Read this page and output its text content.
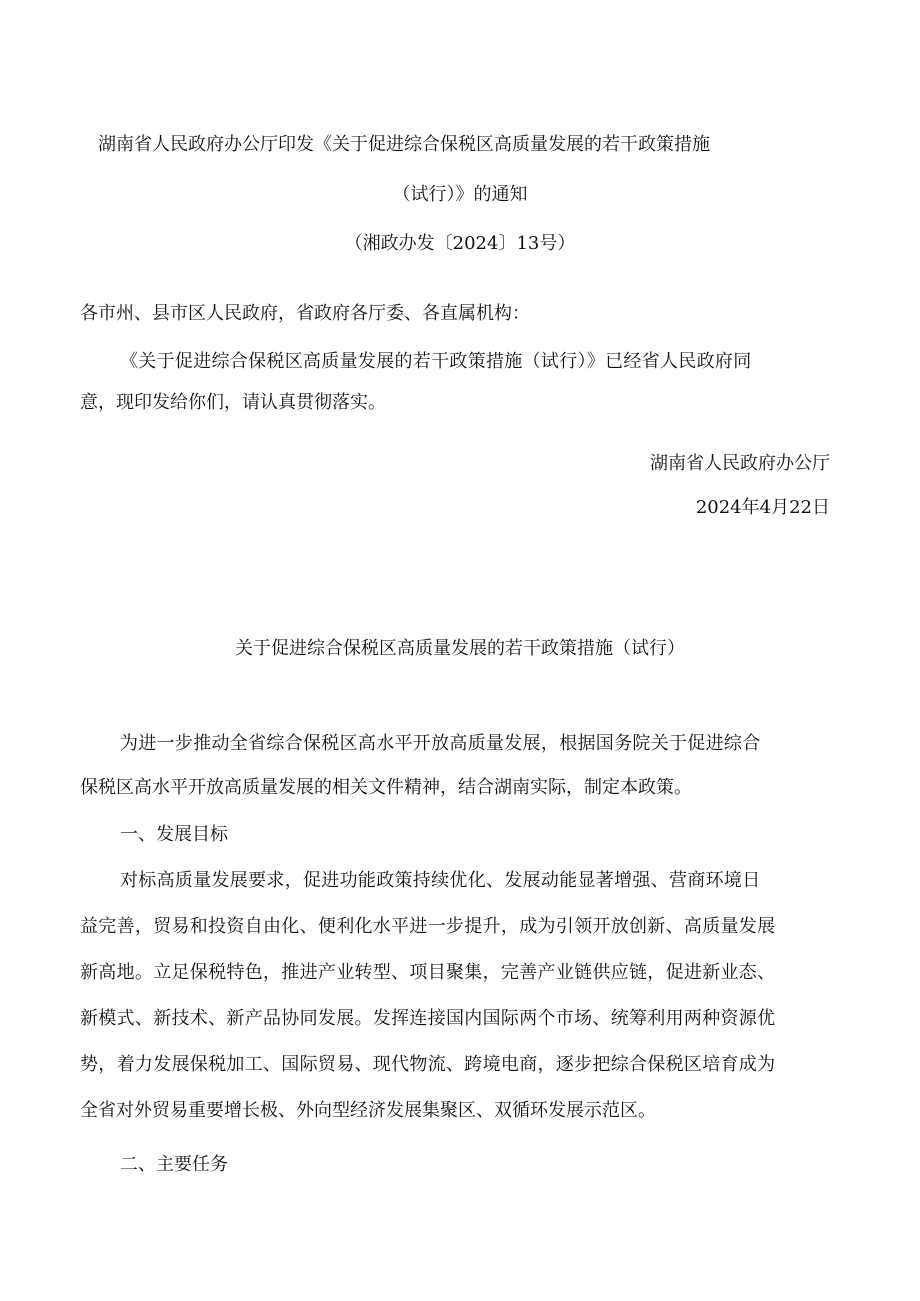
湖南省人民政府办公厅印发《关于促进综合保税区高质量发展的若干政策措施
（试行）》的通知
（湘政办发〔2024〕13号）
各市州、县市区人民政府，省政府各厅委、各直属机构：
《关于促进综合保税区高质量发展的若干政策措施（试行）》已经省人民政府同
意，现印发给你们，请认真贯彻落实。
湖南省人民政府办公厅
2024年4月22日
关于促进综合保税区高质量发展的若干政策措施（试行）
为进一步推动全省综合保税区高水平开放高质量发展，根据国务院关于促进综合
保税区高水平开放高质量发展的相关文件精神，结合湖南实际，制定本政策。
一、发展目标
对标高质量发展要求，促进功能政策持续优化、发展动能显著增强、营商环境日
益完善，贸易和投资自由化、便利化水平进一步提升，成为引领开放创新、高质量发展
新高地。立足保税特色，推进产业转型、项目聚集，完善产业链供应链，促进新业态、
新模式、新技术、新产品协同发展。发挥连接国内国际两个市场、统筹利用两种资源优
势，着力发展保税加工、国际贸易、现代物流、跨境电商，逐步把综合保税区培育成为
全省对外贸易重要增长极、外向型经济发展集聚区、双循环发展示范区。
二、主要任务
